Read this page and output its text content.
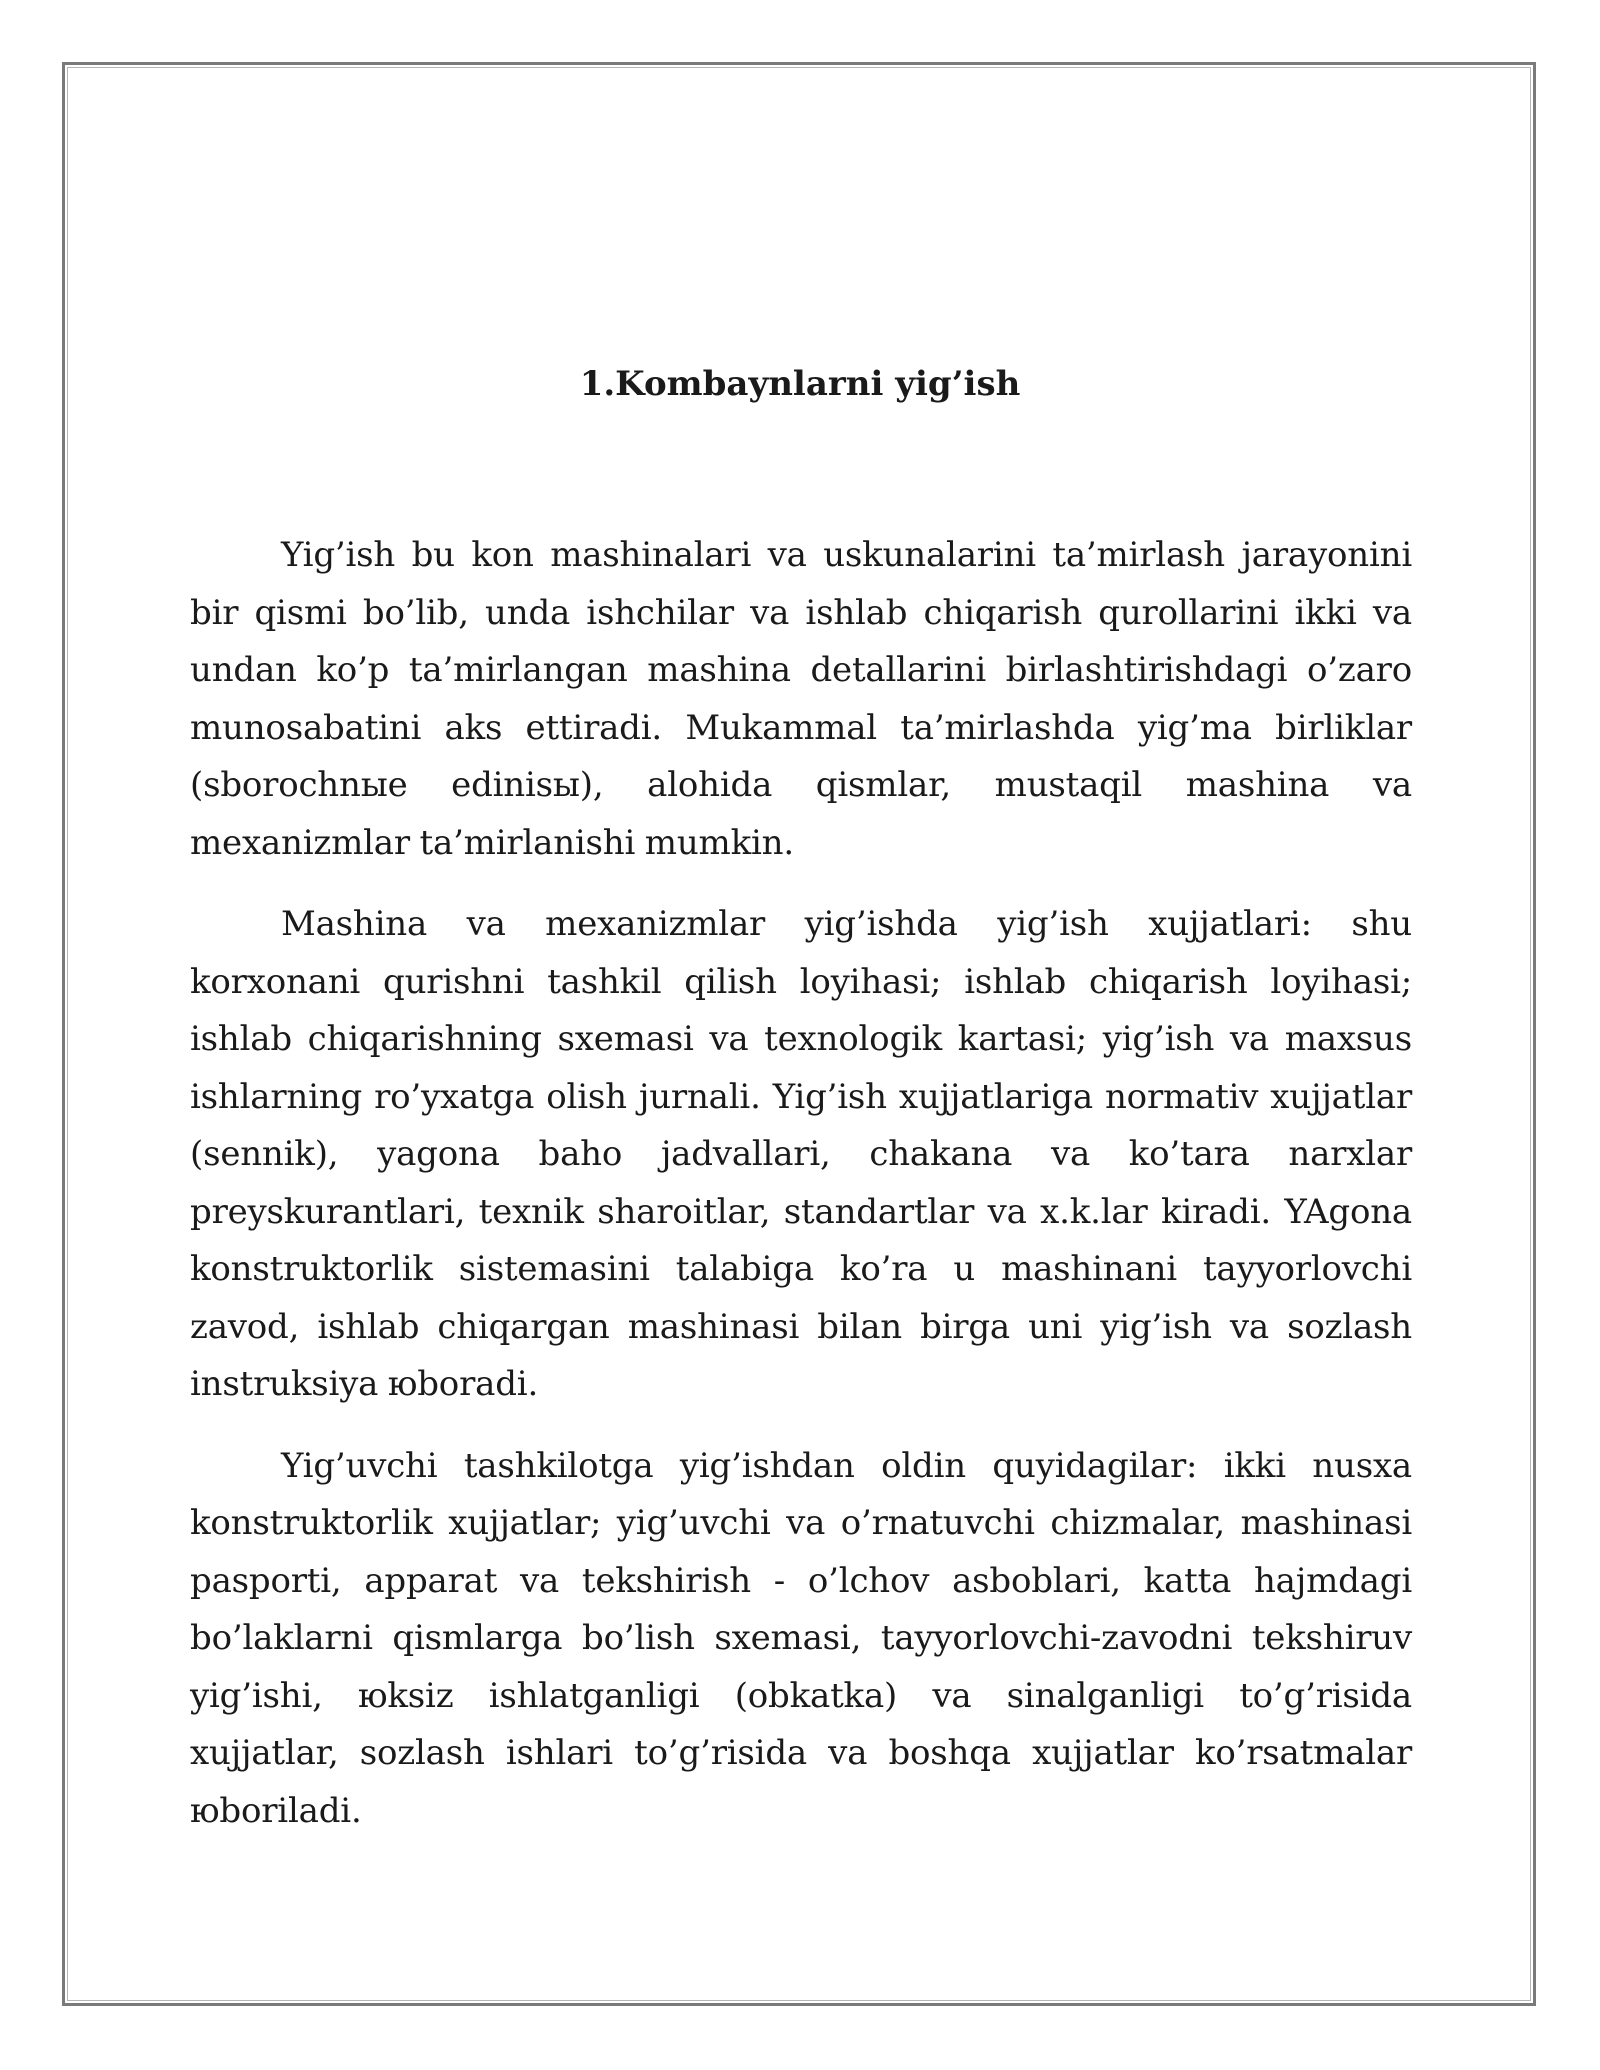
1.Kombaynlarni yig’ish

Yig’ish bu kon mashinalari va uskunalarini ta’mirlash jarayonini bir qismi bo’lib, unda ishchilar va ishlab chiqarish qurollarini ikki va undan ko’p ta’mirlangan mashina detallarini birlashtirishdagi o’zaro munosabatini aks ettiradi. Mukammal ta’mirlashda yig’ma birliklar (sborochnыe edinisы), alohida qismlar, mustaqil mashina va mexanizmlar ta’mirlanishi mumkin.

Mashina va mexanizmlar yig’ishda yig’ish xujjatlari: shu korxonani qurishni tashkil qilish loyihasi; ishlab chiqarish loyihasi; ishlab chiqarishning sxemasi va texnologik kartasi; yig’ish va maxsus ishlarning ro’yxatga olish jurnali. Yig’ish xujjatlariga normativ xujjatlar (sennik), yagona baho jadvallari, chakana va ko’tara narxlar preyskurantlari, texnik sharoitlar, standartlar va x.k.lar kiradi. YAgona konstruktorlik sistemasini talabiga ko’ra u mashinani tayyorlovchi zavod, ishlab chiqargan mashinasi bilan birga uni yig’ish va sozlash instruksiya юboradi.

Yig’uvchi tashkilotga yig’ishdan oldin quyidagilar: ikki nusxa konstruktorlik xujjatlar; yig’uvchi va o’rnatuvchi chizmalar, mashinasi pasporti, apparat va tekshirish - o’lchov asboblari, katta hajmdagi bo’laklarni qismlarga bo’lish sxemasi, tayyorlovchi-zavodni tekshiruv yig’ishi, юksiz ishlatganligi (obkatka) va sinalganligi to’g’risida xujjatlar, sozlash ishlari to’g’risida va boshqa xujjatlar ko’rsatmalar юboriladi.
